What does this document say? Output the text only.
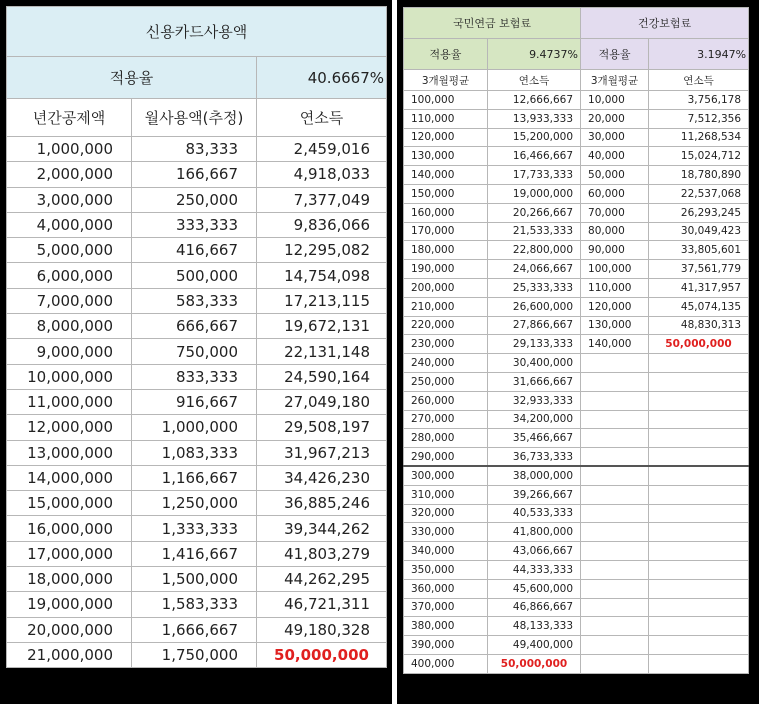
신용카드사용액		
적용율		40.6667%
년간공제액	월사용액(추정)	연소득
1,000,000	83,333	2,459,016
2,000,000	166,667	4,918,033
3,000,000	250,000	7,377,049
4,000,000	333,333	9,836,066
5,000,000	416,667	12,295,082
6,000,000	500,000	14,754,098
7,000,000	583,333	17,213,115
8,000,000	666,667	19,672,131
9,000,000	750,000	22,131,148
10,000,000	833,333	24,590,164
11,000,000	916,667	27,049,180
12,000,000	1,000,000	29,508,197
13,000,000	1,083,333	31,967,213
14,000,000	1,166,667	34,426,230
15,000,000	1,250,000	36,885,246
16,000,000	1,333,333	39,344,262
17,000,000	1,416,667	41,803,279
18,000,000	1,500,000	44,262,295
19,000,000	1,583,333	46,721,311
20,000,000	1,666,667	49,180,328
21,000,000	1,750,000	50,000,000
국민연금 보험료		건강보험료	
적용율	9.4737%	적용율	3.1947%
3개월평균	연소득	3개월평균	연소득
100,000	12,666,667	10,000	3,756,178
110,000	13,933,333	20,000	7,512,356
120,000	15,200,000	30,000	11,268,534
130,000	16,466,667	40,000	15,024,712
140,000	17,733,333	50,000	18,780,890
150,000	19,000,000	60,000	22,537,068
160,000	20,266,667	70,000	26,293,245
170,000	21,533,333	80,000	30,049,423
180,000	22,800,000	90,000	33,805,601
190,000	24,066,667	100,000	37,561,779
200,000	25,333,333	110,000	41,317,957
210,000	26,600,000	120,000	45,074,135
220,000	27,866,667	130,000	48,830,313
230,000	29,133,333	140,000	50,000,000
240,000	30,400,000		
250,000	31,666,667		
260,000	32,933,333		
270,000	34,200,000		
280,000	35,466,667		
290,000	36,733,333		
300,000	38,000,000		
310,000	39,266,667		
320,000	40,533,333		
330,000	41,800,000		
340,000	43,066,667		
350,000	44,333,333		
360,000	45,600,000		
370,000	46,866,667		
380,000	48,133,333		
390,000	49,400,000		
400,000	50,000,000		
